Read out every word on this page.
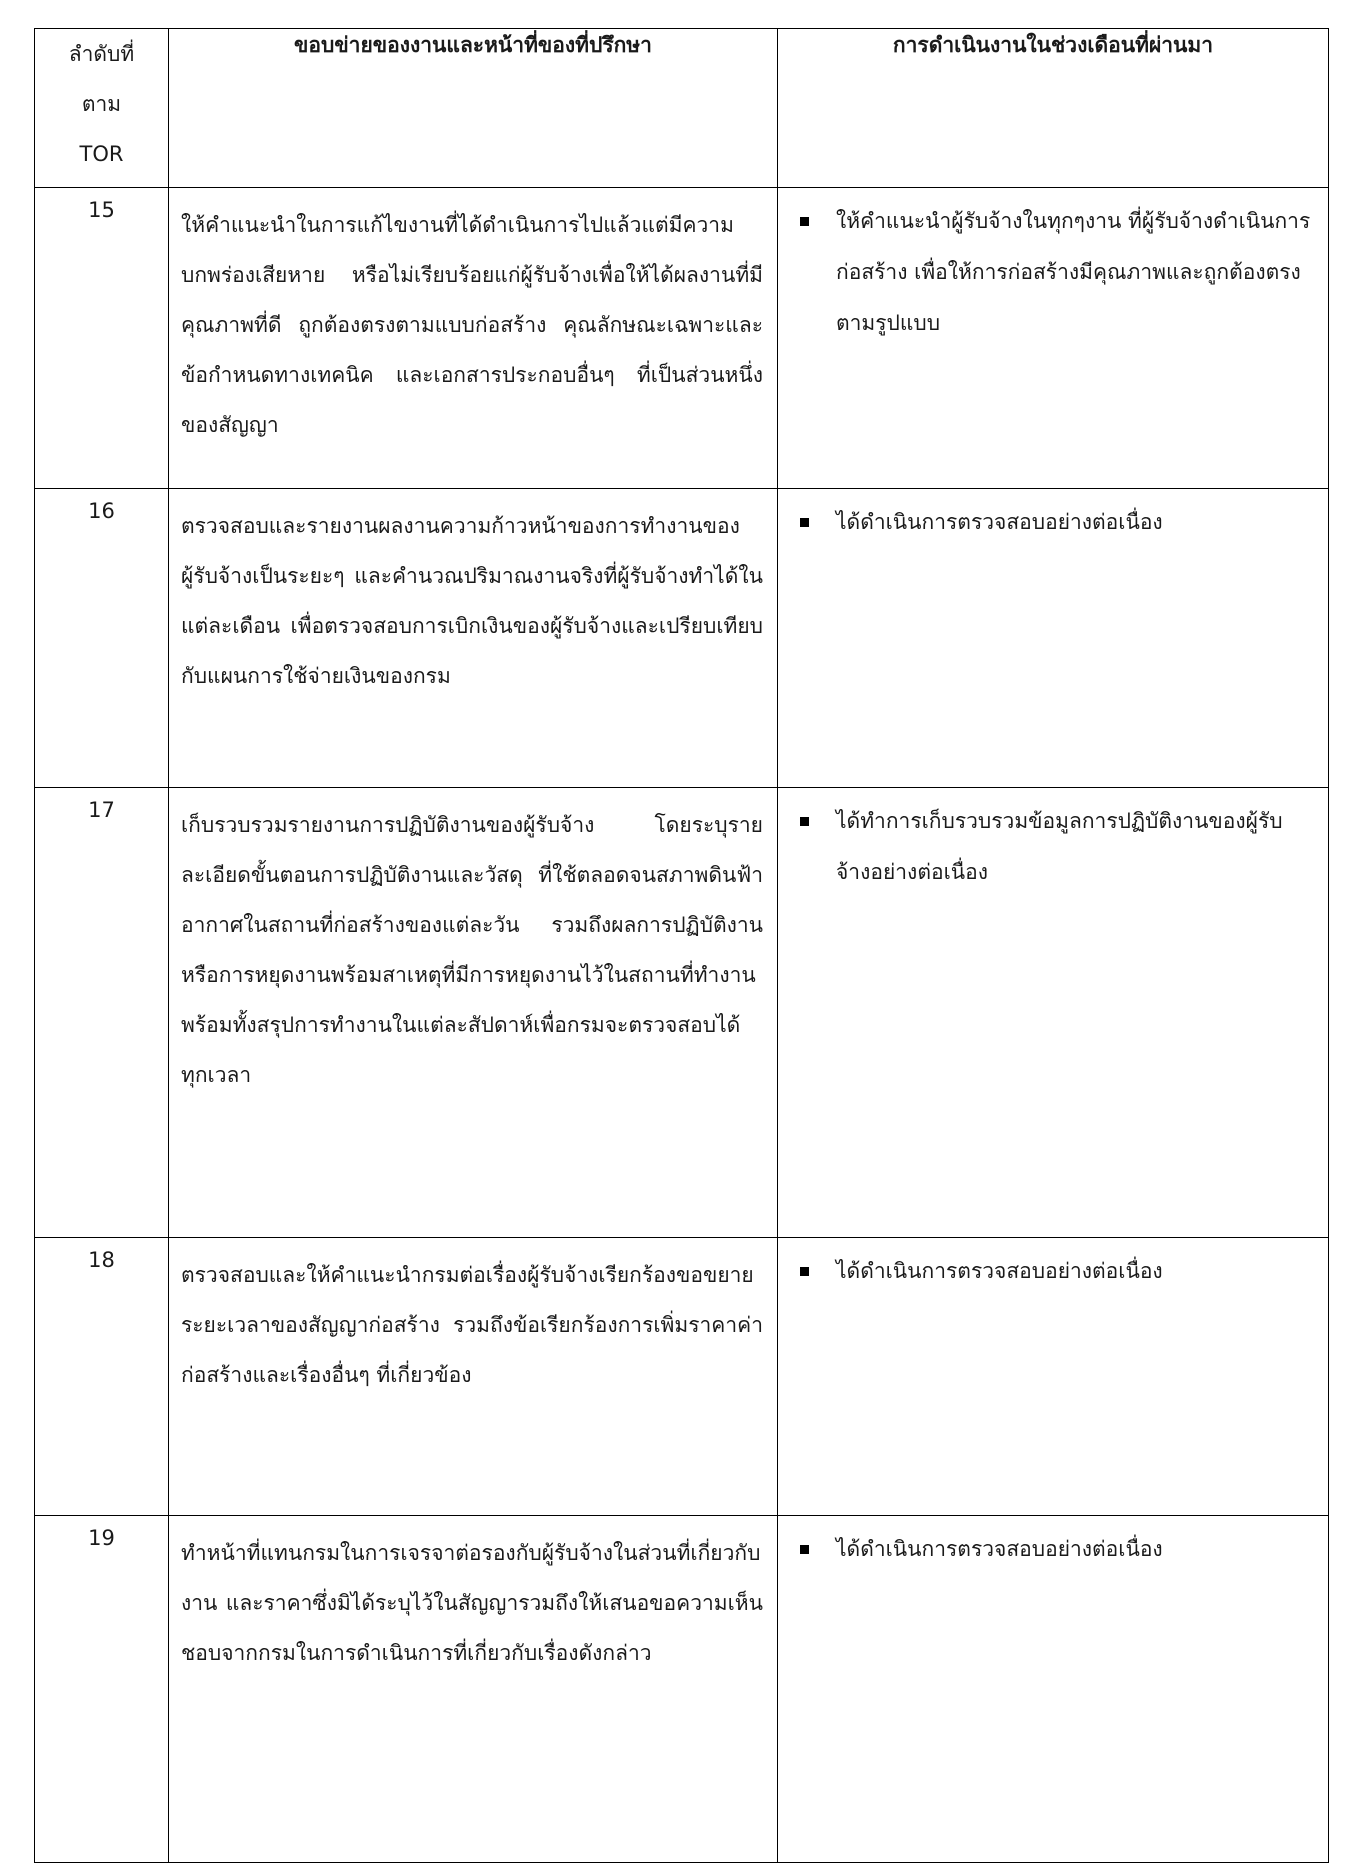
ลำดับที่
ตาม
TOR	ขอบข่ายของงานและหน้าที่ของที่ปรึกษา	การดำเนินงานในช่วงเดือนที่ผ่านมา
15	ให้คำแนะนำในการแก้ไขงานที่ได้ดำเนินการไปแล้วแต่มีความบกพร่องเสียหาย หรือไม่เรียบร้อยแก่ผู้รับจ้างเพื่อให้ได้ผลงานที่มีคุณภาพที่ดี ถูกต้องตรงตามแบบก่อสร้าง คุณลักษณะเฉพาะและข้อกำหนดทางเทคนิค และเอกสารประกอบอื่นๆ ที่เป็นส่วนหนึ่งของสัญญา	ให้คำแนะนำผู้รับจ้างในทุกๆงาน ที่ผู้รับจ้างดำเนินการก่อสร้าง เพื่อให้การก่อสร้างมีคุณภาพและถูกต้องตรงตามรูปแบบ

16	ตรวจสอบและรายงานผลงานความก้าวหน้าของการทำงานของผู้รับจ้างเป็นระยะๆ และคำนวณปริมาณงานจริงที่ผู้รับจ้างทำได้ในแต่ละเดือน เพื่อตรวจสอบการเบิกเงินของผู้รับจ้างและเปรียบเทียบกับแผนการใช้จ่ายเงินของกรม	ได้ดำเนินการตรวจสอบอย่างต่อเนื่อง

17	เก็บรวบรวมรายงานการปฏิบัติงานของผู้รับจ้าง โดยระบุรายละเอียดขั้นตอนการปฏิบัติงานและวัสดุ ที่ใช้ตลอดจนสภาพดินฟ้าอากาศในสถานที่ก่อสร้างของแต่ละวัน รวมถึงผลการปฏิบัติงานหรือการหยุดงานพร้อมสาเหตุที่มีการหยุดงานไว้ในสถานที่ทำงาน พร้อมทั้งสรุปการทำงานในแต่ละสัปดาห์เพื่อกรมจะตรวจสอบได้ทุกเวลา	ได้ทำการเก็บรวบรวมข้อมูลการปฏิบัติงานของผู้รับจ้างอย่างต่อเนื่อง

18	ตรวจสอบและให้คำแนะนำกรมต่อเรื่องผู้รับจ้างเรียกร้องขอขยายระยะเวลาของสัญญาก่อสร้าง รวมถึงข้อเรียกร้องการเพิ่มราคาค่าก่อสร้างและเรื่องอื่นๆ ที่เกี่ยวข้อง	ได้ดำเนินการตรวจสอบอย่างต่อเนื่อง

19	ทำหน้าที่แทนกรมในการเจรจาต่อรองกับผู้รับจ้างในส่วนที่เกี่ยวกับงาน และราคาซึ่งมิได้ระบุไว้ในสัญญารวมถึงให้เสนอขอความเห็นชอบจากกรมในการดำเนินการที่เกี่ยวกับเรื่องดังกล่าว	ได้ดำเนินการตรวจสอบอย่างต่อเนื่อง
